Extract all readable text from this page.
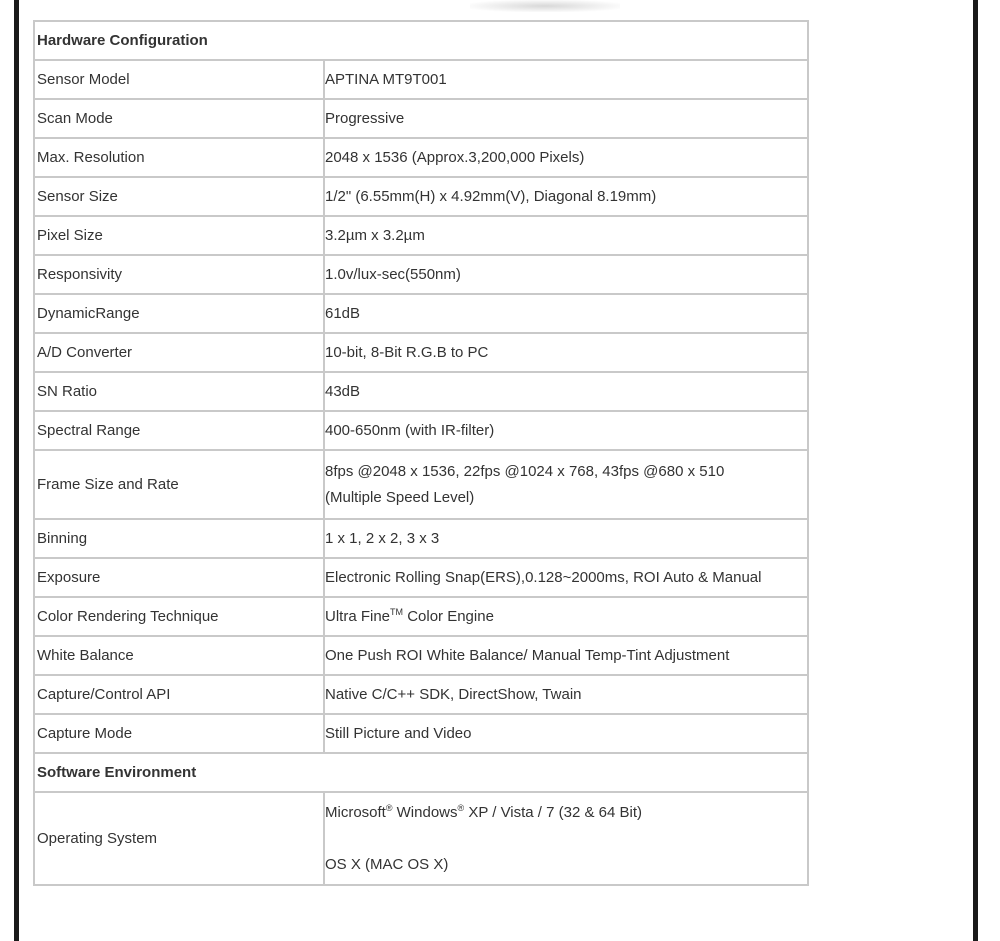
Hardware Configuration	
Sensor Model	APTINA MT9T001
Scan Mode	Progressive
Max. Resolution	2048 x 1536 (Approx.3,200,000 Pixels)
Sensor Size	1/2" (6.55mm(H) x 4.92mm(V), Diagonal 8.19mm)
Pixel Size	3.2µm x 3.2µm
Responsivity	1.0v/lux-sec(550nm)
DynamicRange	61dB
A/D Converter	10-bit, 8-Bit R.G.B to PC
SN Ratio	43dB
Spectral Range	400-650nm (with IR-filter)
Frame Size and Rate	8fps @2048 x 1536, 22fps @1024 x 768, 43fps @680 x 510
(Multiple Speed Level)

Binning	1 x 1, 2 x 2, 3 x 3
Exposure	Electronic Rolling Snap(ERS),0.128~2000ms, ROI Auto & Manual
Color Rendering Technique	Ultra Fine™ Color Engine
White Balance	One Push ROI White Balance/ Manual Temp-Tint Adjustment
Capture/Control API	Native C/C++ SDK, DirectShow, Twain
Capture Mode	Still Picture and Video
Software Environment	
Operating System	Microsoft® Windows® XP / Vista / 7 (32 & 64 Bit)
OS X (MAC OS X)
